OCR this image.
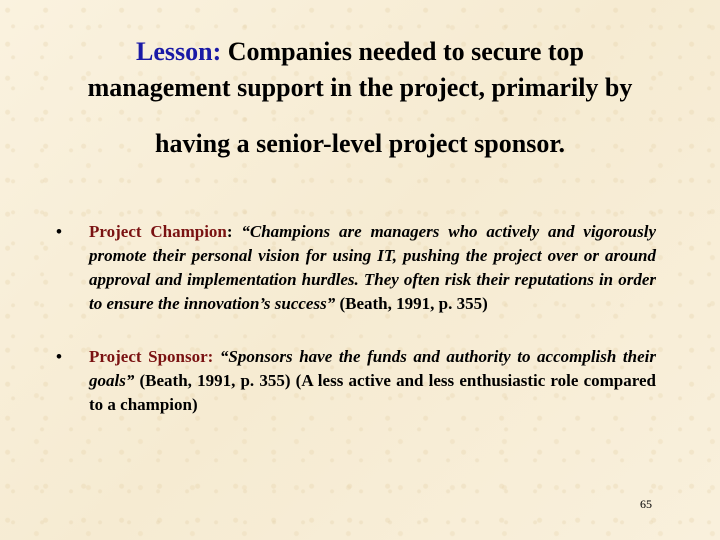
Lesson: Companies needed to secure top
management support in the project, primarily by
having a senior-level project sponsor.
• Project Champion: “Champions are managers who actively and vigorously promote their personal vision for using IT, pushing the project over or around approval and implementation hurdles. They often risk their reputations in order to ensure the innovation’s success” (Beath, 1991, p. 355)
• Project Sponsor: “Sponsors have the funds and authority to accomplish their goals” (Beath, 1991, p. 355) (A less active and less enthusiastic role compared to a champion)
65
